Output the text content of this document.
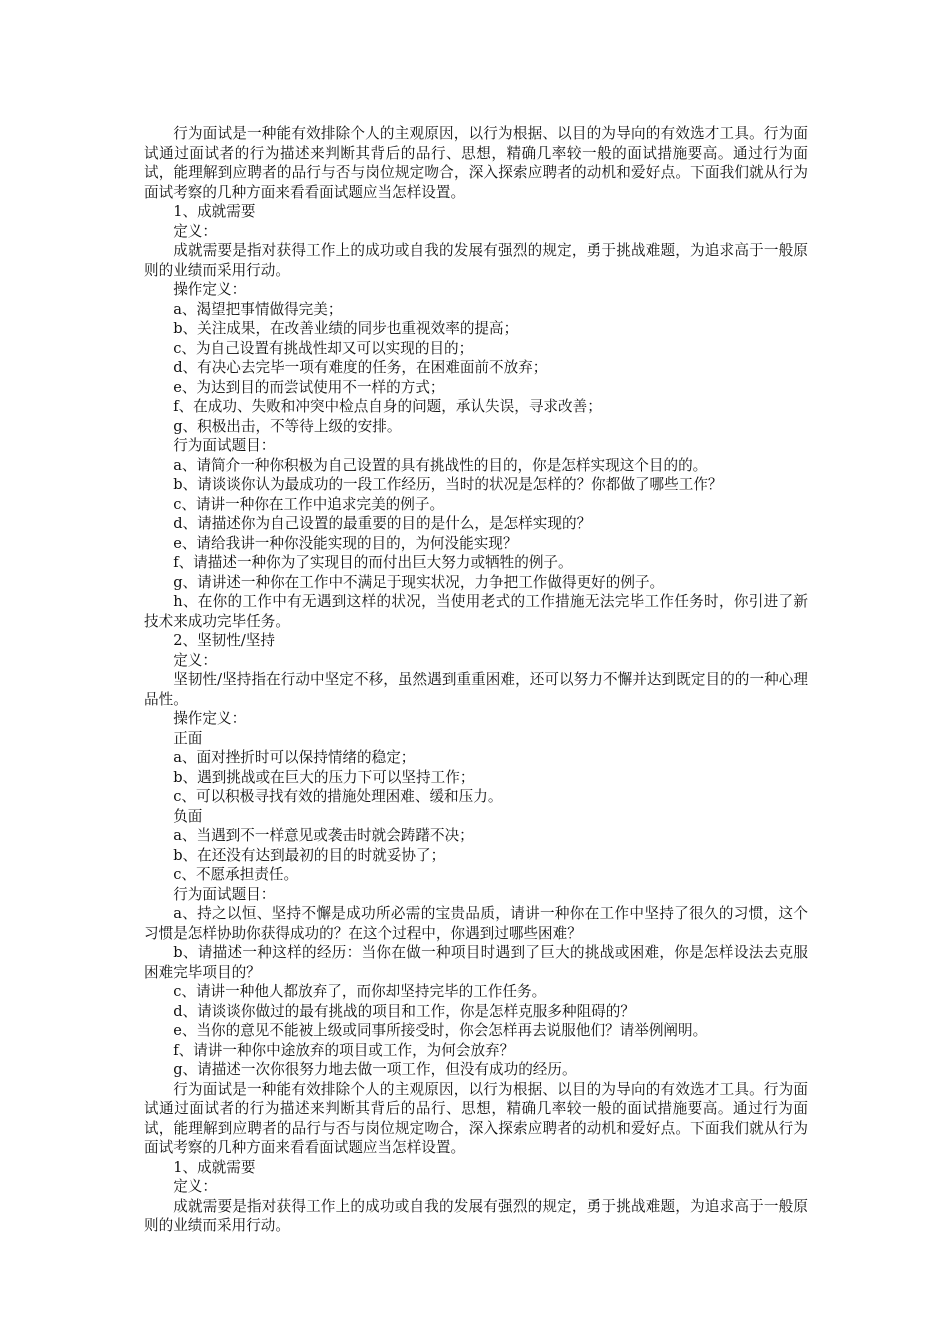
行为面试是一种能有效排除个人的主观原因，以行为根据、以目的为导向的有效选才工具。行为面试通过面试者的行为描述来判断其背后的品行、思想，精确几率较一般的面试措施要高。通过行为面试，能理解到应聘者的品行与否与岗位规定吻合，深入探索应聘者的动机和爱好点。下面我们就从行为面试考察的几种方面来看看面试题应当怎样设置。

1、成就需要

定义：

成就需要是指对获得工作上的成功或自我的发展有强烈的规定，勇于挑战难题，为追求高于一般原则的业绩而采用行动。

操作定义：

a、渴望把事情做得完美；

b、关注成果，在改善业绩的同步也重视效率的提高；

c、为自己设置有挑战性却又可以实现的目的；

d、有决心去完毕一项有难度的任务，在困难面前不放弃；

e、为达到目的而尝试使用不一样的方式；

f、在成功、失败和冲突中检点自身的问题，承认失误，寻求改善；

g、积极出击，不等待上级的安排。

行为面试题目：

a、请简介一种你积极为自己设置的具有挑战性的目的，你是怎样实现这个目的的。

b、请谈谈你认为最成功的一段工作经历，当时的状况是怎样的？你都做了哪些工作？

c、请讲一种你在工作中追求完美的例子。

d、请描述你为自己设置的最重要的目的是什么，是怎样实现的？

e、请给我讲一种你没能实现的目的，为何没能实现？

f、请描述一种你为了实现目的而付出巨大努力或牺牲的例子。

g、请讲述一种你在工作中不满足于现实状况，力争把工作做得更好的例子。

h、在你的工作中有无遇到这样的状况，当使用老式的工作措施无法完毕工作任务时，你引进了新技术来成功完毕任务。

2、坚韧性/坚持

定义：

坚韧性/坚持指在行动中坚定不移，虽然遇到重重困难，还可以努力不懈并达到既定目的的一种心理品性。

操作定义：

正面

a、面对挫折时可以保持情绪的稳定；

b、遇到挑战或在巨大的压力下可以坚持工作；

c、可以积极寻找有效的措施处理困难、缓和压力。

负面

a、当遇到不一样意见或袭击时就会踌躇不决；

b、在还没有达到最初的目的时就妥协了；

c、不愿承担责任。

行为面试题目：

a、持之以恒、坚持不懈是成功所必需的宝贵品质，请讲一种你在工作中坚持了很久的习惯，这个习惯是怎样协助你获得成功的？在这个过程中，你遇到过哪些困难？

b、请描述一种这样的经历：当你在做一种项目时遇到了巨大的挑战或困难，你是怎样设法去克服困难完毕项目的？

c、请讲一种他人都放弃了，而你却坚持完毕的工作任务。

d、请谈谈你做过的最有挑战的项目和工作，你是怎样克服多种阻碍的？

e、当你的意见不能被上级或同事所接受时，你会怎样再去说服他们？请举例阐明。

f、请讲一种你中途放弃的项目或工作，为何会放弃？

g、请描述一次你很努力地去做一项工作，但没有成功的经历。

行为面试是一种能有效排除个人的主观原因，以行为根据、以目的为导向的有效选才工具。行为面试通过面试者的行为描述来判断其背后的品行、思想，精确几率较一般的面试措施要高。通过行为面试，能理解到应聘者的品行与否与岗位规定吻合，深入探索应聘者的动机和爱好点。下面我们就从行为面试考察的几种方面来看看面试题应当怎样设置。

1、成就需要

定义：

成就需要是指对获得工作上的成功或自我的发展有强烈的规定，勇于挑战难题，为追求高于一般原则的业绩而采用行动。
